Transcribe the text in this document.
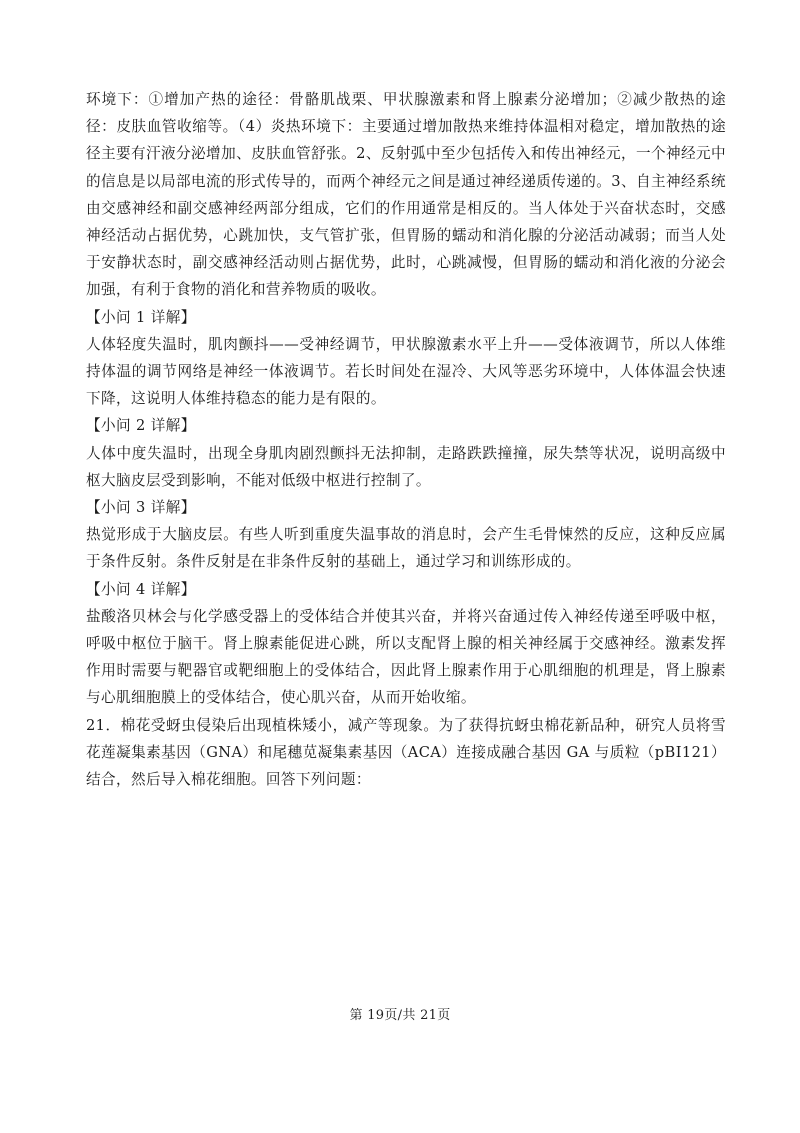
环境下：①增加产热的途径：骨骼肌战栗、甲状腺激素和肾上腺素分泌增加；②减少散热的途径：皮肤血管收缩等。（4）炎热环境下：主要通过增加散热来维持体温相对稳定，增加散热的途径主要有汗液分泌增加、皮肤血管舒张。2、反射弧中至少包括传入和传出神经元，一个神经元中的信息是以局部电流的形式传导的，而两个神经元之间是通过神经递质传递的。3、自主神经系统由交感神经和副交感神经两部分组成，它们的作用通常是相反的。当人体处于兴奋状态时，交感神经活动占据优势，心跳加快，支气管扩张，但胃肠的蠕动和消化腺的分泌活动减弱；而当人处于安静状态时，副交感神经活动则占据优势，此时，心跳减慢，但胃肠的蠕动和消化液的分泌会加强，有利于食物的消化和营养物质的吸收。

【小问 1 详解】

人体轻度失温时，肌肉颤抖——受神经调节，甲状腺激素水平上升——受体液调节，所以人体维持体温的调节网络是神经一体液调节。若长时间处在湿冷、大风等恶劣环境中，人体体温会快速下降，这说明人体维持稳态的能力是有限的。

【小问 2 详解】

人体中度失温时，出现全身肌肉剧烈颤抖无法抑制，走路跌跌撞撞，尿失禁等状况，说明高级中枢大脑皮层受到影响，不能对低级中枢进行控制了。

【小问 3 详解】

热觉形成于大脑皮层。有些人听到重度失温事故的消息时，会产生毛骨悚然的反应，这种反应属于条件反射。条件反射是在非条件反射的基础上，通过学习和训练形成的。

【小问 4 详解】

盐酸洛贝林会与化学感受器上的受体结合并使其兴奋，并将兴奋通过传入神经传递至呼吸中枢，呼吸中枢位于脑干。肾上腺素能促进心跳，所以支配肾上腺的相关神经属于交感神经。激素发挥作用时需要与靶器官或靶细胞上的受体结合，因此肾上腺素作用于心肌细胞的机理是，肾上腺素与心肌细胞膜上的受体结合，使心肌兴奋，从而开始收缩。

21．棉花受蚜虫侵染后出现植株矮小，减产等现象。为了获得抗蚜虫棉花新品种，研究人员将雪花莲凝集素基因（GNA）和尾穗苋凝集素基因（ACA）连接成融合基因 GA 与质粒（pBⅠ121）结合，然后导入棉花细胞。回答下列问题：

第 19页/共 21页
